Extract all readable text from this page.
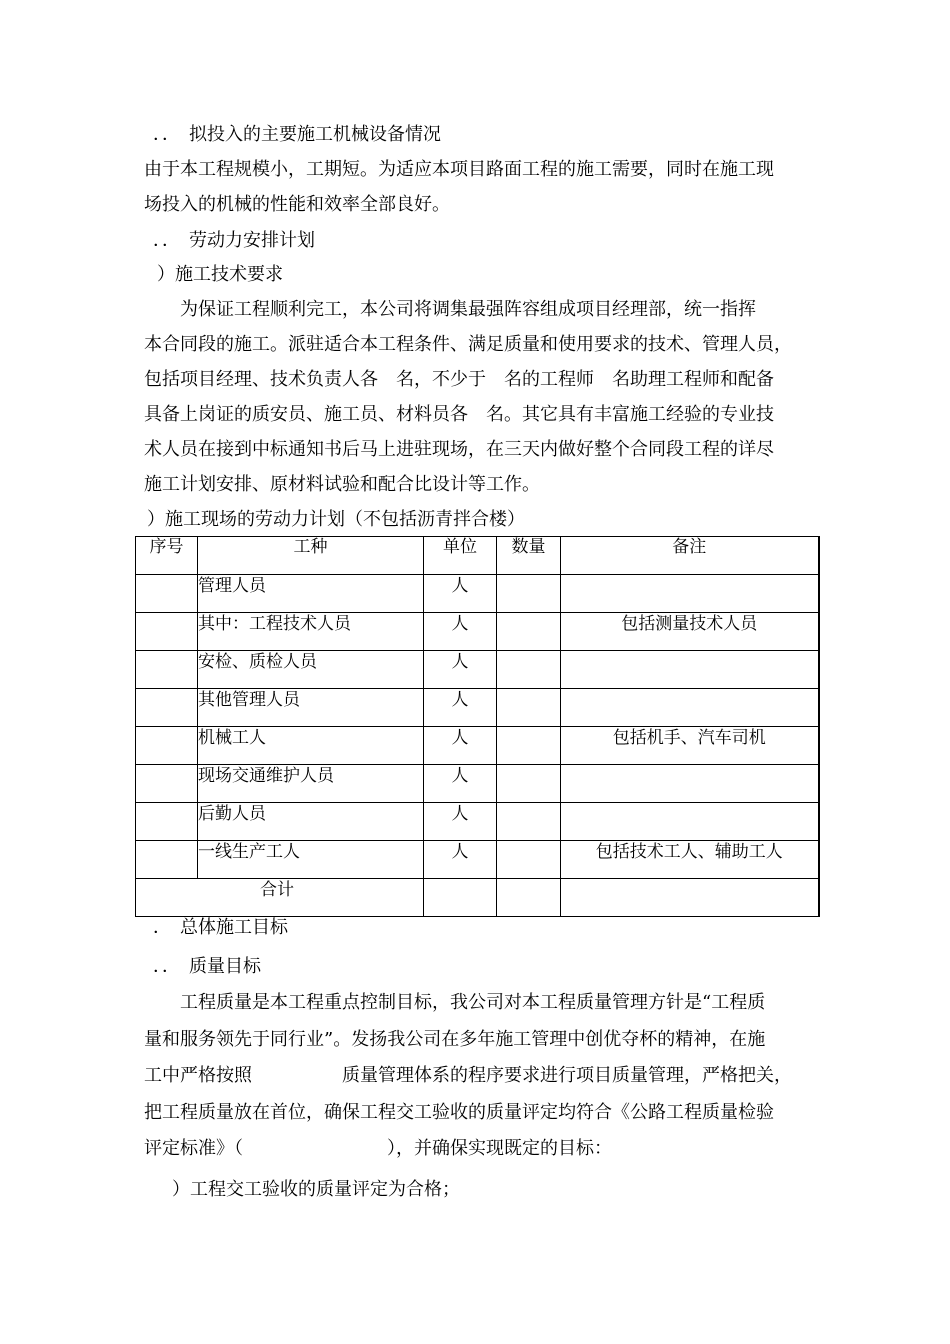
．．　拟投入的主要施工机械设备情况
由于本工程规模小，工期短。为适应本项目路面工程的施工需要，同时在施工现
场投入的机械的性能和效率全部良好。
．．　劳动力安排计划
）施工技术要求
　　为保证工程顺利完工，本公司将调集最强阵容组成项目经理部，统一指挥
本合同段的施工。派驻适合本工程条件、满足质量和使用要求的技术、管理人员，
包括项目经理、技术负责人各　名，不少于　名的工程师　名助理工程师和配备
具备上岗证的质安员、施工员、材料员各　名。其它具有丰富施工经验的专业技
术人员在接到中标通知书后马上进驻现场，在三天内做好整个合同段工程的详尽
施工计划安排、原材料试验和配合比设计等工作。
）施工现场的劳动力计划（不包括沥青拌合楼）
序号	工种	单位	数量	备注

	管理人员	人		

	其中：工程技术人员	人		包括测量技术人员

	安检、质检人员	人		

	其他管理人员	人		

	机械工人	人		包括机手、汽车司机

	现场交通维护人员	人		

	后勤人员	人		

	一线生产工人	人		包括技术工人、辅助工人

合计				

．　总体施工目标
．．　质量目标
　　工程质量是本工程重点控制目标，我公司对本工程质量管理方针是“工程质
量和服务领先于同行业”。发扬我公司在多年施工管理中创优夺杯的精神，在施
工中严格按照　　　　　质量管理体系的程序要求进行项目质量管理，严格把关，
把工程质量放在首位，确保工程交工验收的质量评定均符合《公路工程质量检验
评定标准》（　　　　　　　　），并确保实现既定的目标：
）工程交工验收的质量评定为合格；
